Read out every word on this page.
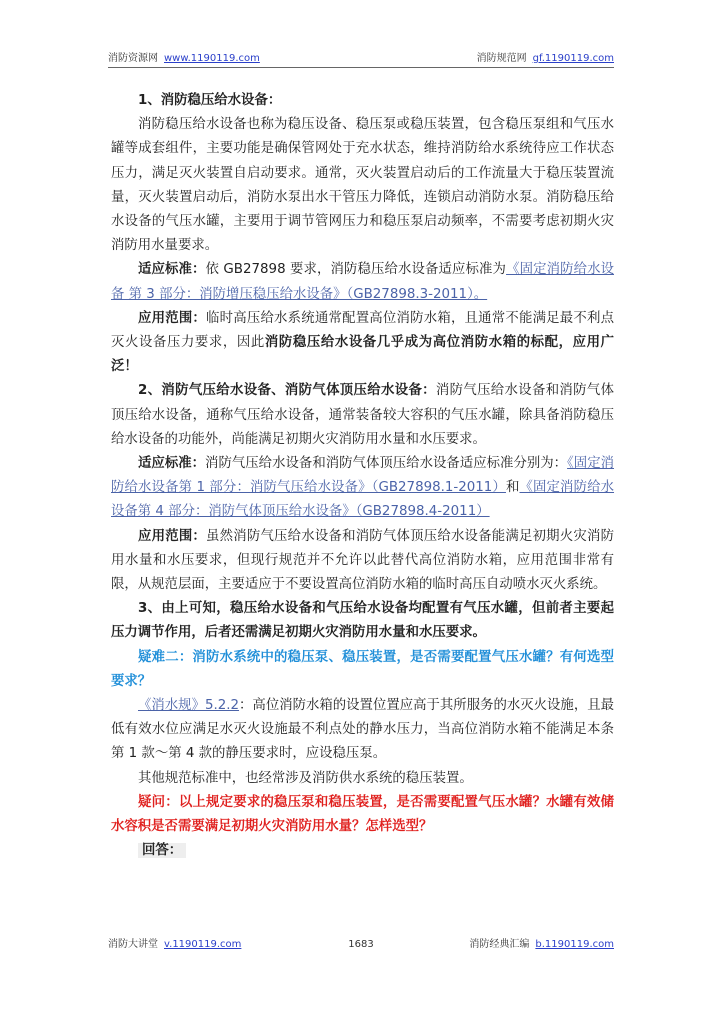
消防资源网 www.1190119.com	消防规范网 gf.1190119.com

1、消防稳压给水设备：

消防稳压给水设备也称为稳压设备、稳压泵或稳压装置，包含稳压泵组和气压水罐等成套组件，主要功能是确保管网处于充水状态，维持消防给水系统待应工作状态压力，满足灭火装置自启动要求。通常，灭火装置启动后的工作流量大于稳压装置流量，灭火装置启动后，消防水泵出水干管压力降低，连锁启动消防水泵。消防稳压给水设备的气压水罐，主要用于调节管网压力和稳压泵启动频率，不需要考虑初期火灾消防用水量要求。

适应标准：依 GB27898 要求，消防稳压给水设备适应标准为《固定消防给水设备 第 3 部分：消防增压稳压给水设备》（GB27898.3-2011）。

应用范围：临时高压给水系统通常配置高位消防水箱，且通常不能满足最不利点灭火设备压力要求，因此消防稳压给水设备几乎成为高位消防水箱的标配，应用广泛！

2、消防气压给水设备、消防气体顶压给水设备：消防气压给水设备和消防气体顶压给水设备，通称气压给水设备，通常装备较大容积的气压水罐，除具备消防稳压给水设备的功能外，尚能满足初期火灾消防用水量和水压要求。

适应标准：消防气压给水设备和消防气体顶压给水设备适应标准分别为：《固定消防给水设备第 1 部分：消防气压给水设备》（GB27898.1-2011）和《固定消防给水设备第 4 部分：消防气体顶压给水设备》（GB27898.4-2011）

应用范围：虽然消防气压给水设备和消防气体顶压给水设备能满足初期火灾消防用水量和水压要求，但现行规范并不允许以此替代高位消防水箱，应用范围非常有限，从规范层面，主要适应于不要设置高位消防水箱的临时高压自动喷水灭火系统。

3、由上可知，稳压给水设备和气压给水设备均配置有气压水罐，但前者主要起压力调节作用，后者还需满足初期火灾消防用水量和水压要求。

疑难二：消防水系统中的稳压泵、稳压装置，是否需要配置气压水罐？有何选型要求？

《消水规》5.2.2：高位消防水箱的设置位置应高于其所服务的水灭火设施，且最低有效水位应满足水灭火设施最不利点处的静水压力，当高位消防水箱不能满足本条第 1 款～第 4 款的静压要求时，应设稳压泵。

其他规范标准中，也经常涉及消防供水系统的稳压装置。

疑问：以上规定要求的稳压泵和稳压装置，是否需要配置气压水罐？水罐有效储水容积是否需要满足初期火灾消防用水量？怎样选型？

回答：

消防大讲堂 v.1190119.com	1683	消防经典汇编 b.1190119.com
